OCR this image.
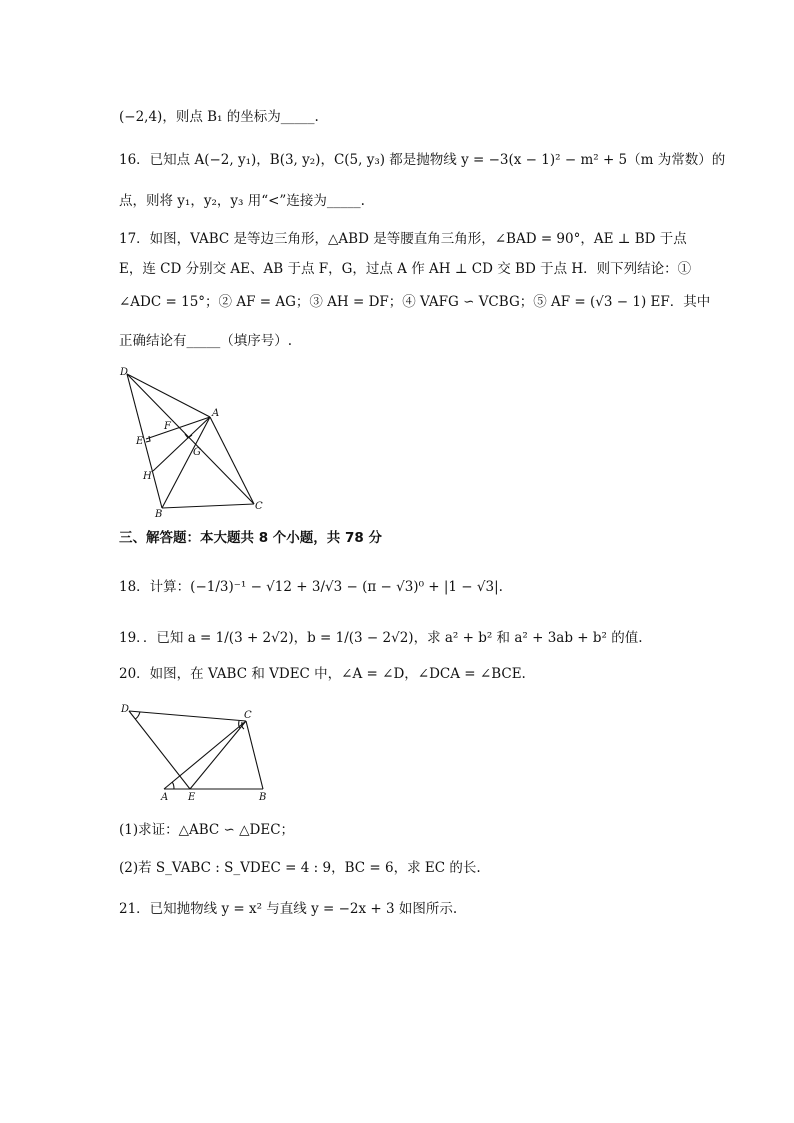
(−2,4)，则点 B₁ 的坐标为_____.
16．已知点 A(−2, y₁)，B(3, y₂)，C(5, y₃) 都是抛物线 y = −3(x − 1)² − m² + 5（m 为常数）的
点，则将 y₁，y₂，y₃ 用“<”连接为_____.
17．如图，VABC 是等边三角形，△ABD 是等腰直角三角形，∠BAD = 90°，AE ⊥ BD 于点
E，连 CD 分别交 AE、AB 于点 F，G，过点 A 作 AH ⊥ CD 交 BD 于点 H．则下列结论：①
∠ADC = 15°；② AF = AG；③ AH = DF；④ VAFG ∽ VCBG；⑤ AF = (√3 − 1) EF．其中
正确结论有_____（填序号）.
D
A
F
E
G
H
B
C
三、解答题：本大题共 8 个小题，共 78 分
18．计算：(−1/3)⁻¹ − √12 + 3/√3 − (π − √3)⁰ + |1 − √3|.
19．．已知 a = 1/(3 + 2√2)，b = 1/(3 − 2√2)，求 a² + b² 和 a² + 3ab + b² 的值.
20．如图，在 VABC 和 VDEC 中，∠A = ∠D，∠DCA = ∠BCE.
D
C
A E	B
(1)求证：△ABC ∽ △DEC；
(2)若 S_VABC : S_VDEC = 4 : 9，BC = 6，求 EC 的长.
21．已知抛物线 y = x² 与直线 y = −2x + 3 如图所示.
